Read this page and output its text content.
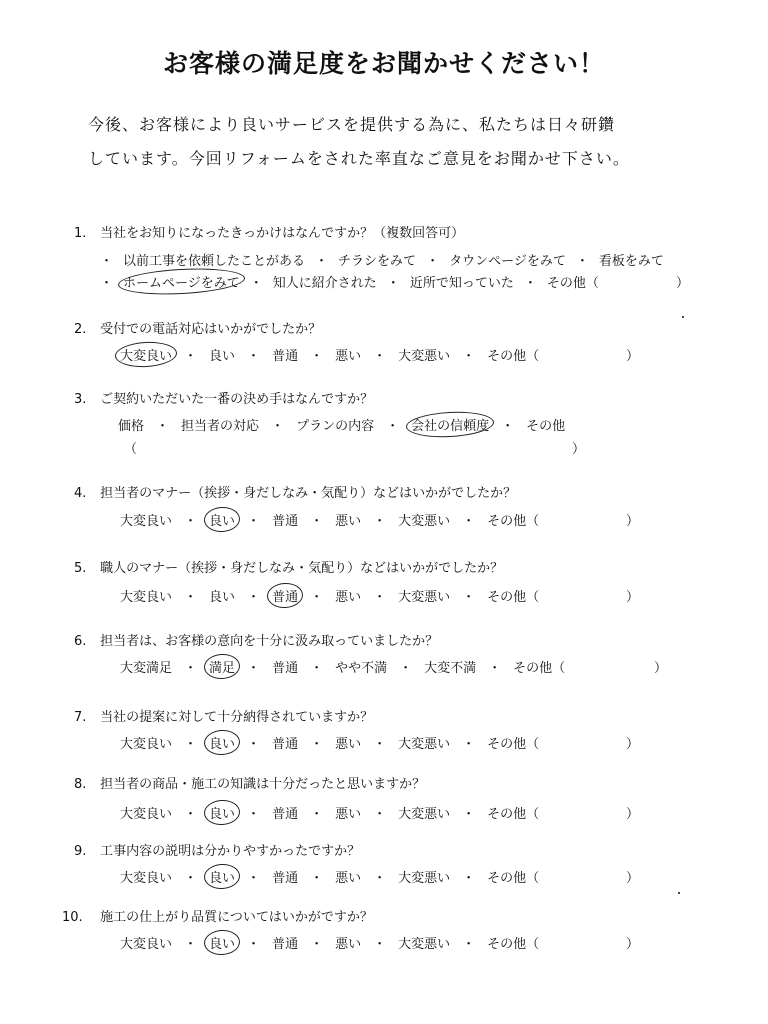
お客様の満足度をお聞かせください！
今後、お客様により良いサービスを提供する為に、私たちは日々研鑽
しています。今回リフォームをされた率直なご意見をお聞かせ下さい。
1. 当社をお知りになったきっかけはなんですか？（複数回答可）
・ 以前工事を依頼したことがある ・ チラシをみて ・ タウンページをみて ・ 看板をみて
・ ホームページをみて ・ 知人に紹介された ・ 近所で知っていた ・ その他（	）
2. 受付での電話対応はいかがでしたか？
大変良い ・ 良い ・ 普通 ・ 悪い ・ 大変悪い ・ その他（	）
3. ご契約いただいた一番の決め手はなんですか？
価格 ・ 担当者の対応 ・ プランの内容 ・ 会社の信頼度 ・ その他
（	）
4. 担当者のマナー（挨拶・身だしなみ・気配り）などはいかがでしたか？
大変良い ・ 良い ・ 普通 ・ 悪い ・ 大変悪い ・ その他（	）
5. 職人のマナー（挨拶・身だしなみ・気配り）などはいかがでしたか？
大変良い ・ 良い ・ 普通 ・ 悪い ・ 大変悪い ・ その他（	）
6. 担当者は、お客様の意向を十分に汲み取っていましたか？
大変満足 ・ 満足 ・ 普通 ・ やや不満 ・ 大変不満 ・ その他（	）
7. 当社の提案に対して十分納得されていますか？
大変良い ・ 良い ・ 普通 ・ 悪い ・ 大変悪い ・ その他（	）
8. 担当者の商品・施工の知識は十分だったと思いますか？
大変良い ・ 良い ・ 普通 ・ 悪い ・ 大変悪い ・ その他（	）
9. 工事内容の説明は分かりやすかったですか？
大変良い ・ 良い ・ 普通 ・ 悪い ・ 大変悪い ・ その他（	）
10. 施工の仕上がり品質についてはいかがですか？
大変良い ・ 良い ・ 普通 ・ 悪い ・ 大変悪い ・ その他（	）
